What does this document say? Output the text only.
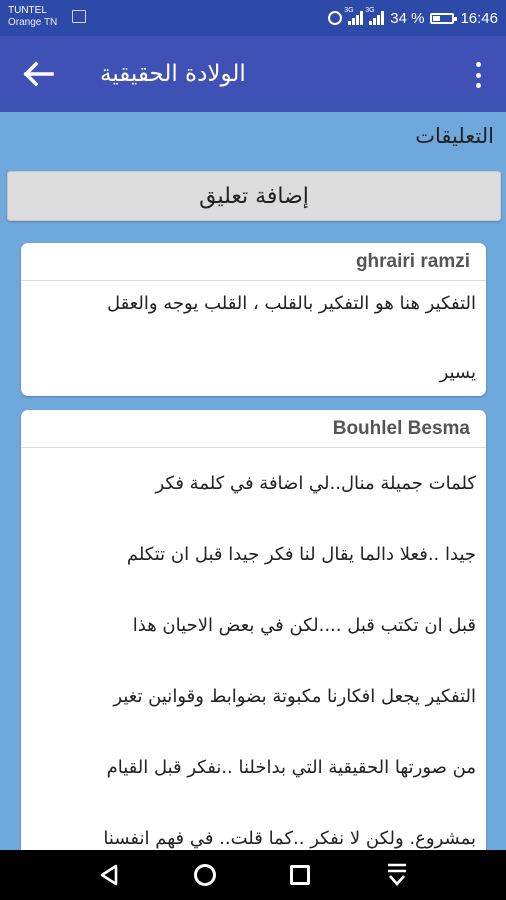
TUNTEL
Orange TN
3G 3G 34 % 16:46
الولادة الحقيقية
التعليقات
إضافة تعليق
ghrairi ramzi
التفكير هنا هو التفكير بالقلب ، القلب يوجه والعقل
يسير
Bouhlel Besma
كلمات جميلة منال..لي اضافة في كلمة فكر
جيدا ..فعلا دالما يقال لنا فكر جيدا قبل ان تتكلم
قبل ان تكتب قبل ....لكن في بعض الاحيان هذا
التفكير يجعل افكارنا مكبوتة بضوابط وقوانين تغير
من صورتها الحقيقية التي بداخلنا ..نفكر قبل القيام
بمشروع. ولكن لا نفكر ..كما قلت.. في فهم انفسنا
